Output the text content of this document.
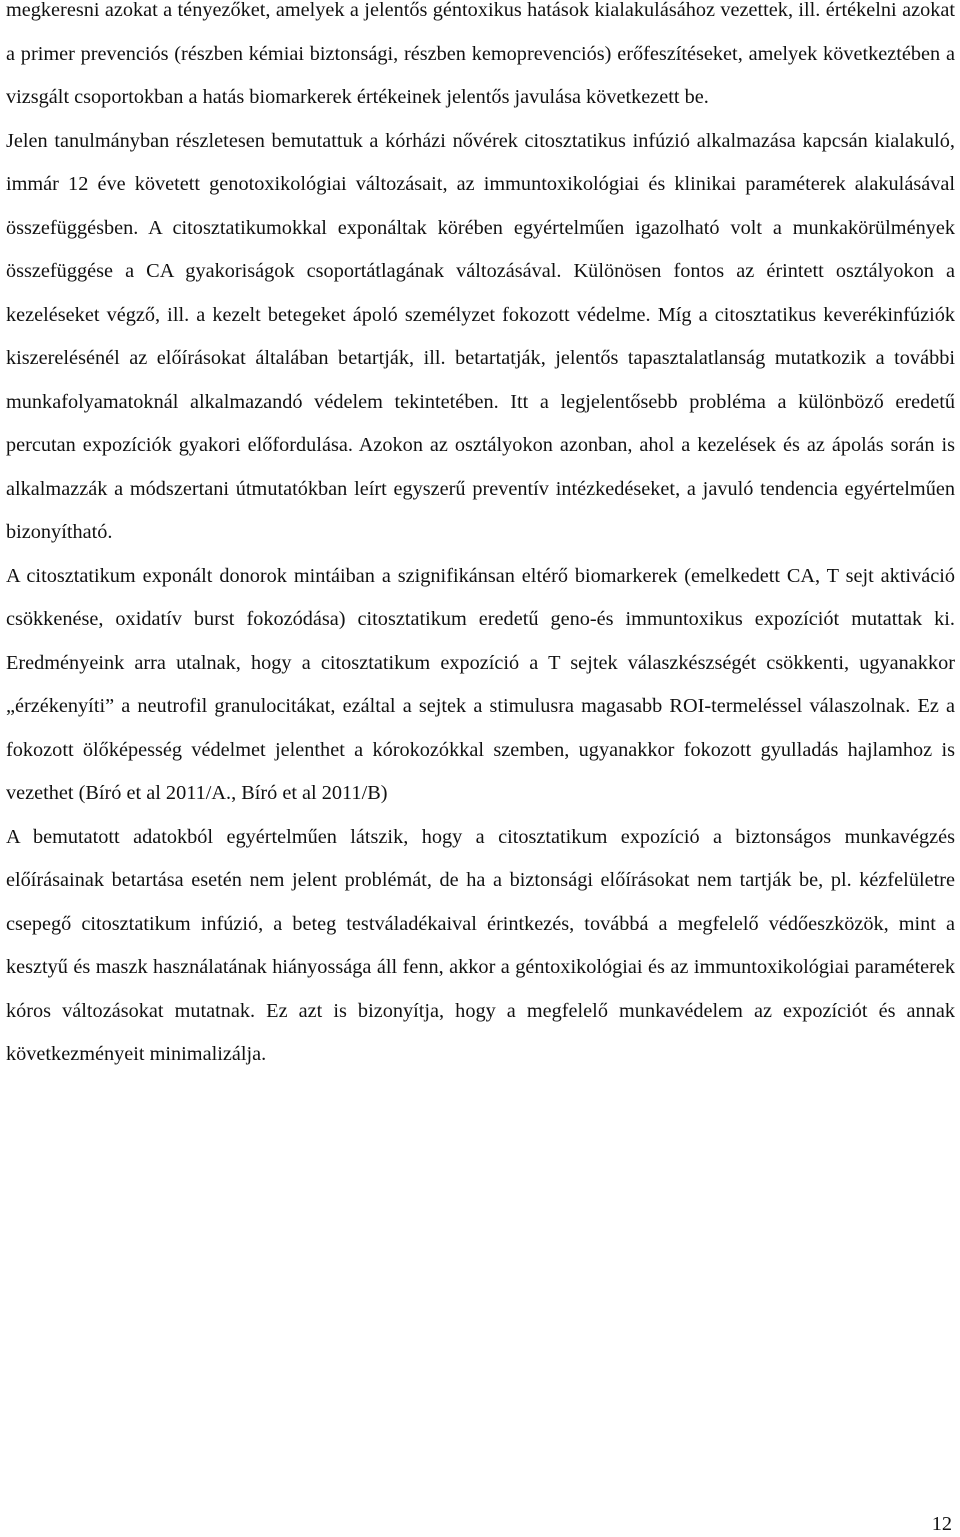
megkeresni azokat a tényezőket, amelyek a jelentős géntoxikus hatások kialakulásához vezettek, ill. értékelni azokat a primer prevenciós (részben kémiai biztonsági, részben kemoprevenciós) erőfeszítéseket, amelyek következtében a vizsgált csoportokban a hatás biomarkerek értékeinek jelentős javulása következett be.

Jelen tanulmányban részletesen bemutattuk a kórházi nővérek citosztatikus infúzió alkalmazása kapcsán kialakuló, immár 12 éve követett genotoxikológiai változásait, az immuntoxikológiai és klinikai paraméterek alakulásával összefüggésben. A citosztatikumokkal exponáltak körében egyértelműen igazolható volt a munkakörülmények összefüggése a CA gyakoriságok csoportátlagának változásával. Különösen fontos az érintett osztályokon a kezeléseket végző, ill. a kezelt betegeket ápoló személyzet fokozott védelme. Míg a citosztatikus keverékinfúziók kiszerelésénél az előírásokat általában betartják, ill. betartatják, jelentős tapasztalatlanság mutatkozik a további munkafolyamatoknál alkalmazandó védelem tekintetében. Itt a legjelentősebb probléma a különböző eredetű percutan expozíciók gyakori előfordulása. Azokon az osztályokon azonban, ahol a kezelések és az ápolás során is alkalmazzák a módszertani útmutatókban leírt egyszerű preventív intézkedéseket, a javuló tendencia egyértelműen bizonyítható.

A citosztatikum exponált donorok mintáiban a szignifikánsan eltérő biomarkerek (emelkedett CA, T sejt aktiváció csökkenése, oxidatív burst fokozódása) citosztatikum eredetű geno-és immuntoxikus expozíciót mutattak ki. Eredményeink arra utalnak, hogy a citosztatikum expozíció a T sejtek válaszkészségét csökkenti, ugyanakkor „érzékenyíti” a neutrofil granulocitákat, ezáltal a sejtek a stimulusra magasabb ROI-termeléssel válaszolnak. Ez a fokozott ölőképesség védelmet jelenthet a kórokozókkal szemben, ugyanakkor fokozott gyulladás hajlamhoz is vezethet (Bíró et al 2011/A., Bíró et al 2011/B)

A bemutatott adatokból egyértelműen látszik, hogy a citosztatikum expozíció a biztonságos munkavégzés előírásainak betartása esetén nem jelent problémát, de ha a biztonsági előírásokat nem tartják be, pl. kézfelületre csepegő citosztatikum infúzió, a beteg testváladékaival érintkezés, továbbá a megfelelő védőeszközök, mint a kesztyű és maszk használatának hiányossága áll fenn, akkor a géntoxikológiai és az immuntoxikológiai paraméterek kóros változásokat mutatnak. Ez azt is bizonyítja, hogy a megfelelő munkavédelem az expozíciót és annak következményeit minimalizálja.

12
